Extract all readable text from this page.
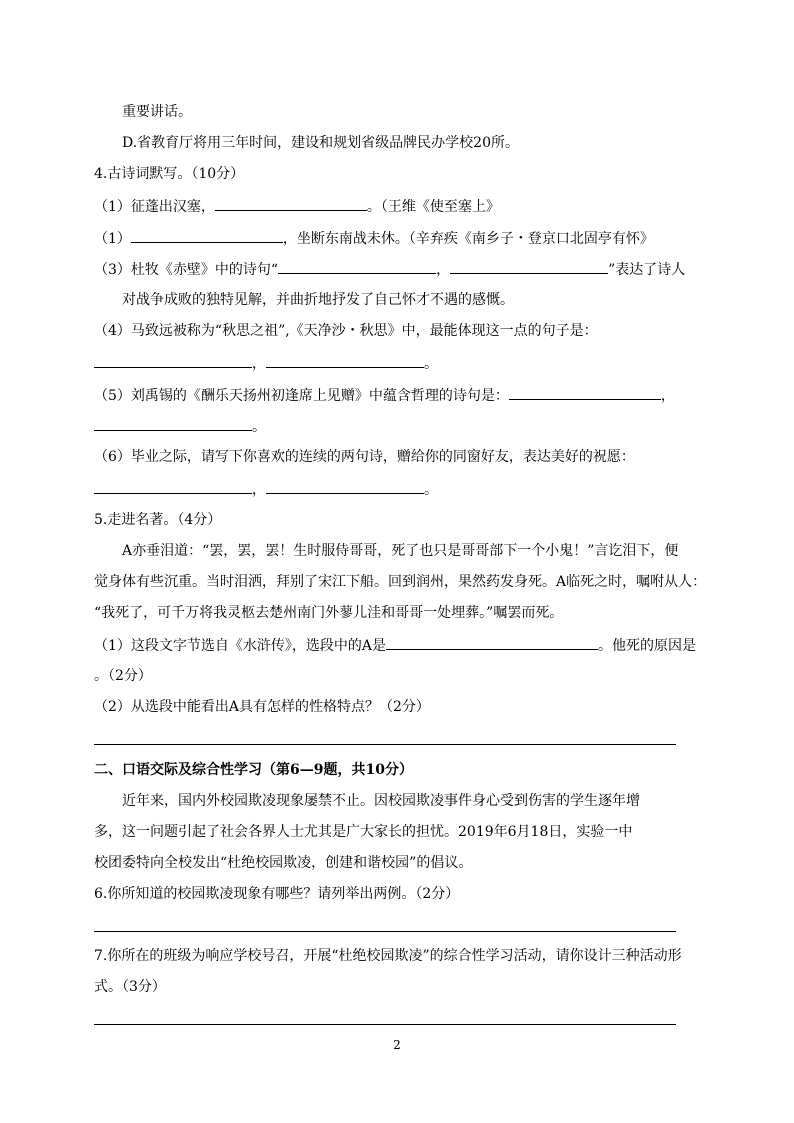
重要讲话。
D.省教育厅将用三年时间，建设和规划省级品牌民办学校20所。
4.古诗词默写。（10分）
（1）征蓬出汉塞，	。（王维《使至塞上》
（1）	，坐断东南战未休。（辛弃疾《南乡子・登京口北固亭有怀》
（3）杜牧《赤壁》中的诗句“	，	”表达了诗人
对战争成败的独特见解，并曲折地抒发了自己怀才不遇的感慨。
（4）马致远被称为“秋思之祖”,《天净沙・秋思》中，最能体现这一点的句子是：
，	。
（5）刘禹锡的《酬乐天扬州初逢席上见赠》中蕴含哲理的诗句是：	，
。
（6）毕业之际，请写下你喜欢的连续的两句诗，赠给你的同窗好友，表达美好的祝愿：
，	。
5.走进名著。（4分）
A亦垂泪道：“罢，罢，罢！生时服侍哥哥，死了也只是哥哥部下一个小鬼！”言讫泪下，便
觉身体有些沉重。当时泪洒，拜别了宋江下船。回到润州，果然药发身死。A临死之时，嘱咐从人：
“我死了，可千万将我灵柩去楚州南门外蓼儿洼和哥哥一处埋葬。”嘱罢而死。
（1）这段文字节选自《水浒传》，选段中的A是	。他死的原因是
。（2分）
（2）从选段中能看出A具有怎样的性格特点？（2分）
二、口语交际及综合性学习（第6—9题，共10分）
近年来，国内外校园欺凌现象屡禁不止。因校园欺凌事件身心受到伤害的学生逐年增
多，这一问题引起了社会各界人士尤其是广大家长的担忧。2019年6月18日，实验一中
校团委特向全校发出“杜绝校园欺凌，创建和谐校园”的倡议。
6.你所知道的校园欺凌现象有哪些？请列举出两例。（2分）
7.你所在的班级为响应学校号召，开展“杜绝校园欺凌”的综合性学习活动，请你设计三种活动形
式。（3分）
2
